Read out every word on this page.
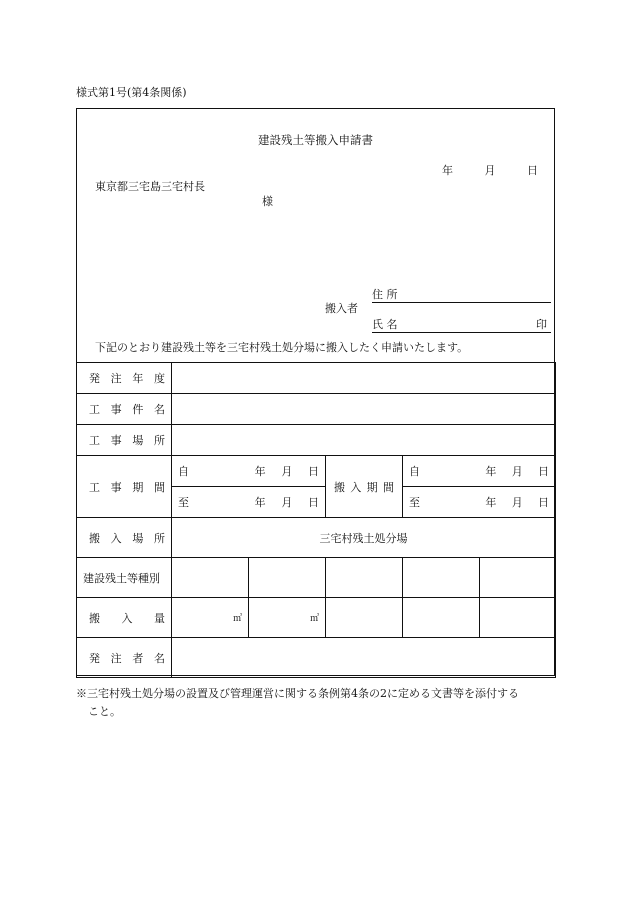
様式第1号(第4条関係)
建設残土等搬入申請書
年	月	日
東京都三宅島三宅村長
様
搬入者
住 所
氏 名	印
下記のとおり建設残土等を三宅村残土処分場に搬入したく申請いたします。
発 注 年 度					

工 事 件 名					

工 事 場 所					

工 事 期 間	自 年 月 日		搬 入 期 間	自 年 月 日	

	至 年 月 日			至 年 月 日	

搬 入 場 所	三宅村残土処分場				
建設残土等種別					

搬 入 量	㎥	㎥			

発 注 者 名					

※三宅村残土処分場の設置及び管理運営に関する条例第4条の2に定める文書等を添付する
こと。
